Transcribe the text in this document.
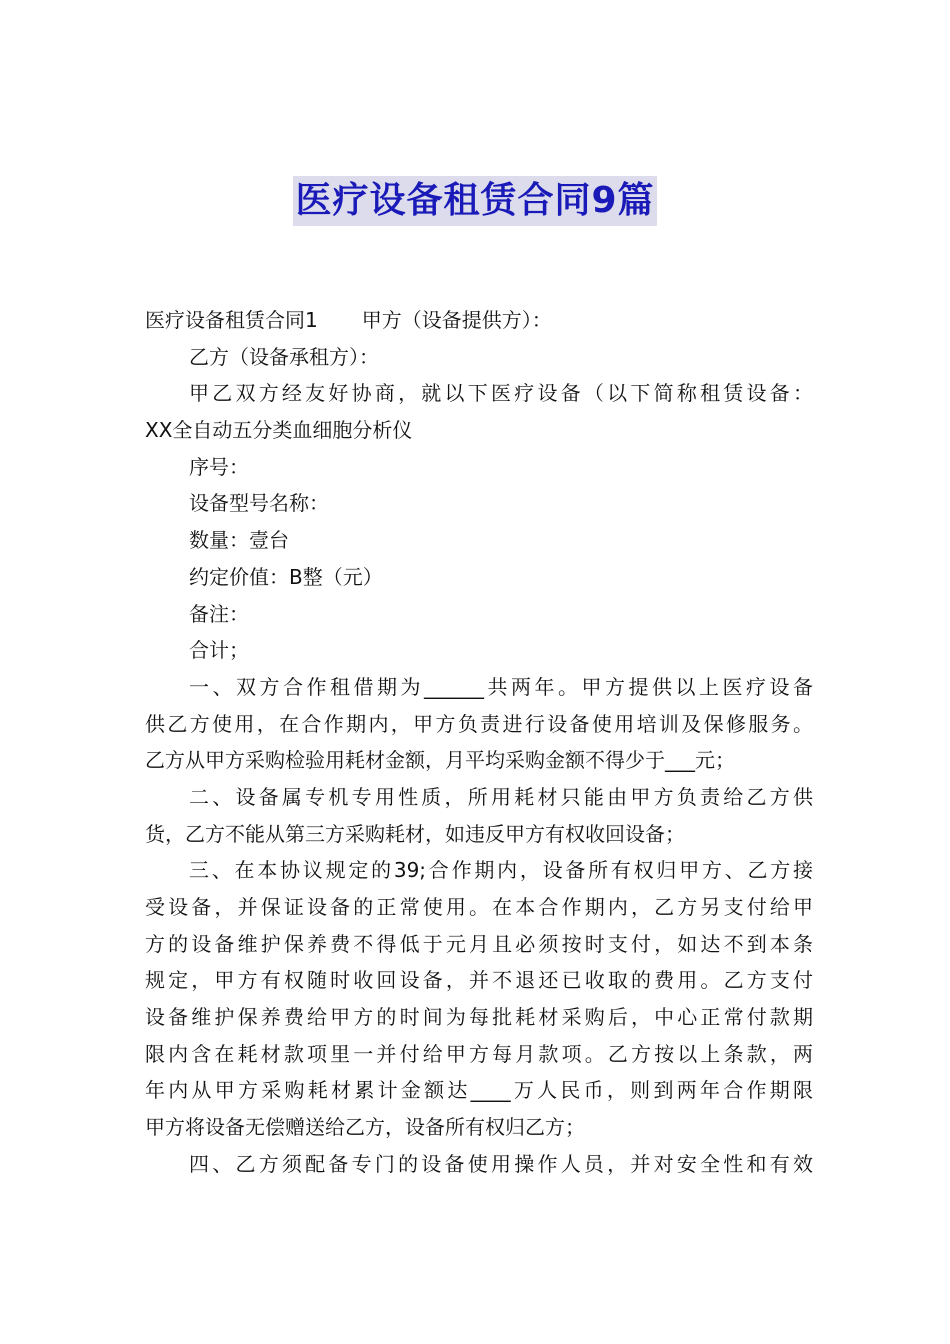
医疗设备租赁合同9篇
医疗设备租赁合同1 甲方（设备提供方）：
乙方（设备承租方）：
甲乙双方经友好协商，就以下医疗设备（以下简称租赁设备：
XX全自动五分类血细胞分析仪
序号：
设备型号名称：
数量：壹台
约定价值：B整（元）
备注：
合计；
一、双方合作租借期为______共两年。甲方提供以上医疗设备
供乙方使用，在合作期内，甲方负责进行设备使用培训及保修服务。
乙方从甲方采购检验用耗材金额，月平均采购金额不得少于___元；
二、设备属专机专用性质，所用耗材只能由甲方负责给乙方供
货，乙方不能从第三方采购耗材，如违反甲方有权收回设备；
三、在本协议规定的39;合作期内，设备所有权归甲方、乙方接
受设备，并保证设备的正常使用。在本合作期内，乙方另支付给甲
方的设备维护保养费不得低于元月且必须按时支付，如达不到本条
规定，甲方有权随时收回设备，并不退还已收取的费用。乙方支付
设备维护保养费给甲方的时间为每批耗材采购后，中心正常付款期
限内含在耗材款项里一并付给甲方每月款项。乙方按以上条款，两
年内从甲方采购耗材累计金额达____万人民币，则到两年合作期限
甲方将设备无偿赠送给乙方，设备所有权归乙方；
四、乙方须配备专门的设备使用操作人员，并对安全性和有效
